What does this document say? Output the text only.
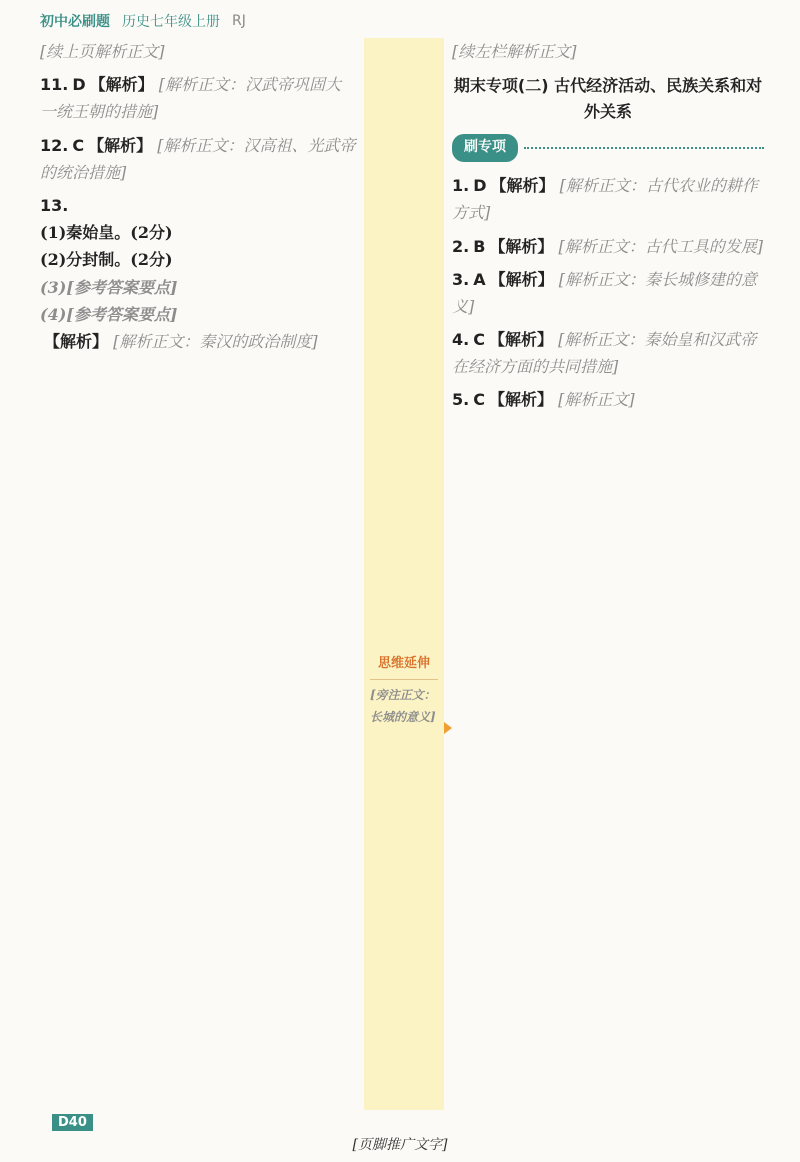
初中必刷题 历史七年级上册 RJ
[续上页解析正文]
11. D 【解析】 [解析正文：汉武帝巩固大一统王朝的措施]
12. C 【解析】 [解析正文：汉高祖、光武帝的统治措施]
13.
(1)秦始皇。(2分)
(2)分封制。(2分)
(3)[参考答案要点]
(4)[参考答案要点]
【解析】 [解析正文：秦汉的政治制度]
思维延伸
[旁注正文：长城的意义]
[续左栏解析正文]
期末专项(二) 古代经济活动、民族关系和对外关系
刷专项
1. D 【解析】 [解析正文：古代农业的耕作方式]
2. B 【解析】 [解析正文：古代工具的发展]
3. A 【解析】 [解析正文：秦长城修建的意义]
4. C 【解析】 [解析正文：秦始皇和汉武帝在经济方面的共同措施]
5. C 【解析】 [解析正文]
D40
[页脚推广文字]
